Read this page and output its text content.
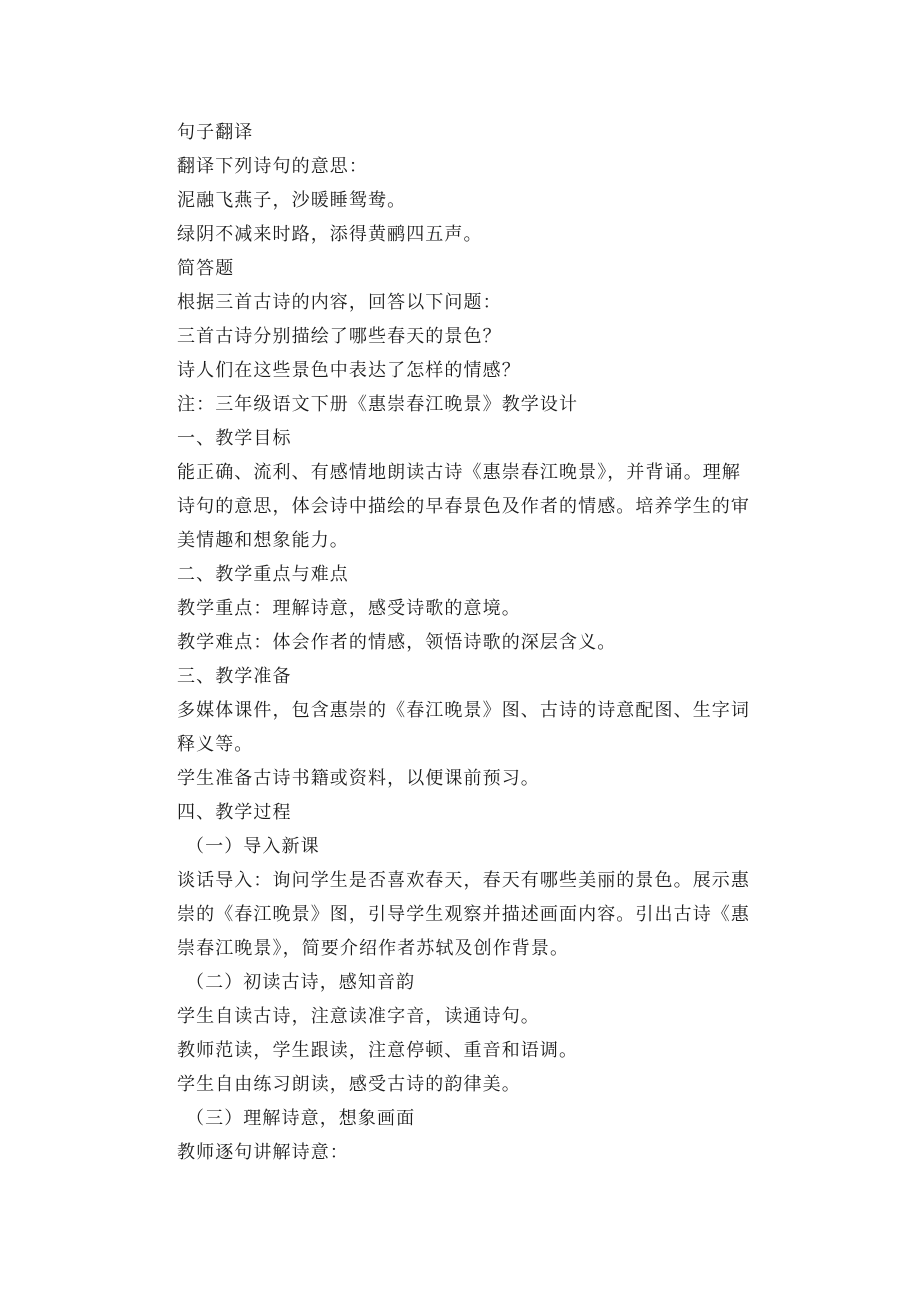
句子翻译
翻译下列诗句的意思：
泥融飞燕子，沙暖睡鸳鸯。
绿阴不减来时路，添得黄鹂四五声。
简答题
根据三首古诗的内容，回答以下问题：
三首古诗分别描绘了哪些春天的景色？
诗人们在这些景色中表达了怎样的情感？
注：三年级语文下册《惠崇春江晚景》教学设计
一、教学目标
能正确、流利、有感情地朗读古诗《惠崇春江晚景》，并背诵。理解
诗句的意思，体会诗中描绘的早春景色及作者的情感。培养学生的审
美情趣和想象能力。
二、教学重点与难点
教学重点：理解诗意，感受诗歌的意境。
教学难点：体会作者的情感，领悟诗歌的深层含义。
三、教学准备
多媒体课件，包含惠崇的《春江晚景》图、古诗的诗意配图、生字词
释义等。
学生准备古诗书籍或资料，以便课前预习。
四、教学过程
（一）导入新课
谈话导入：询问学生是否喜欢春天，春天有哪些美丽的景色。展示惠
崇的《春江晚景》图，引导学生观察并描述画面内容。引出古诗《惠
崇春江晚景》，简要介绍作者苏轼及创作背景。
（二）初读古诗，感知音韵
学生自读古诗，注意读准字音，读通诗句。
教师范读，学生跟读，注意停顿、重音和语调。
学生自由练习朗读，感受古诗的韵律美。
（三）理解诗意，想象画面
教师逐句讲解诗意：
